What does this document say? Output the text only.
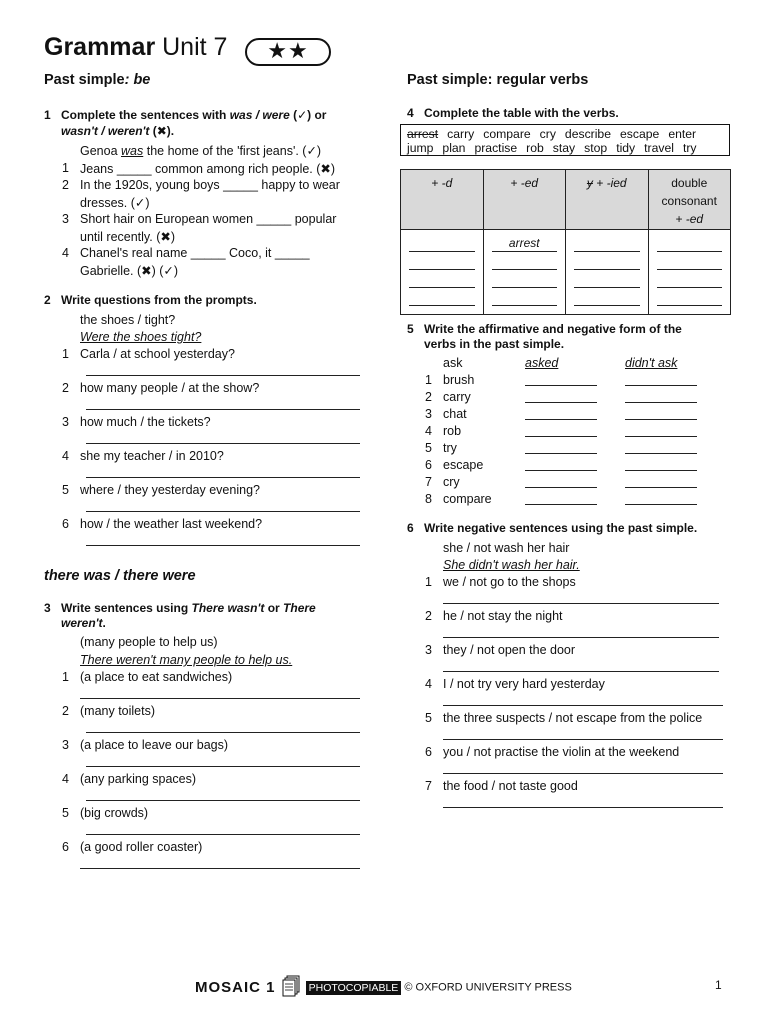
Grammar Unit 7	★★
Past simple: be
1 Complete the sentences with was / were (✓) or
wasn't / weren't (✖).
Genoa was the home of the 'first jeans'. (✓)
1 Jeans _____ common among rich people. (✖)
2 In the 1920s, young boys _____ happy to wear
dresses. (✓)
3 Short hair on European women _____ popular
until recently. (✖)
4 Chanel's real name _____ Coco, it _____
Gabrielle. (✖) (✓)
2 Write questions from the prompts.
the shoes / tight?
Were the shoes tight?
1 Carla / at school yesterday?
2 how many people / at the show?
3 how much / the tickets?
4 she my teacher / in 2010?
5 where / they yesterday evening?
6 how / the weather last weekend?
there was / there were
3 Write sentences using There wasn't or There
weren't.
(many people to help us)
There weren't many people to help us.
1 (a place to eat sandwiches)
2 (many toilets)
3 (a place to leave our bags)
4 (any parking spaces)
5 (big crowds)
6 (a good roller coaster)
Past simple: regular verbs
4 Complete the table with the verbs.
arrest carry compare cry describe escape enter
jump plan practise rob stay stop tidy travel try
+ -d	+ -ed	y + -ied	double
consonant
+ -ed

	arrest		

5 Write the affirmative and negative form of the
verbs in the past simple.
ask	asked	didn't ask
1 brush
2 carry
3 chat
4 rob
5 try
6 escape
7 cry
8 compare
6 Write negative sentences using the past simple.
she / not wash her hair
She didn't wash her hair.
1 we / not go to the shops
2 he / not stay the night
3 they / not open the door
4 I / not try very hard yesterday
5 the three suspects / not escape from the police
6 you / not practise the violin at the weekend
7 the food / not taste good
MOSAIC 1	PHOTOCOPIABLE © OXFORD UNIVERSITY PRESS	1
